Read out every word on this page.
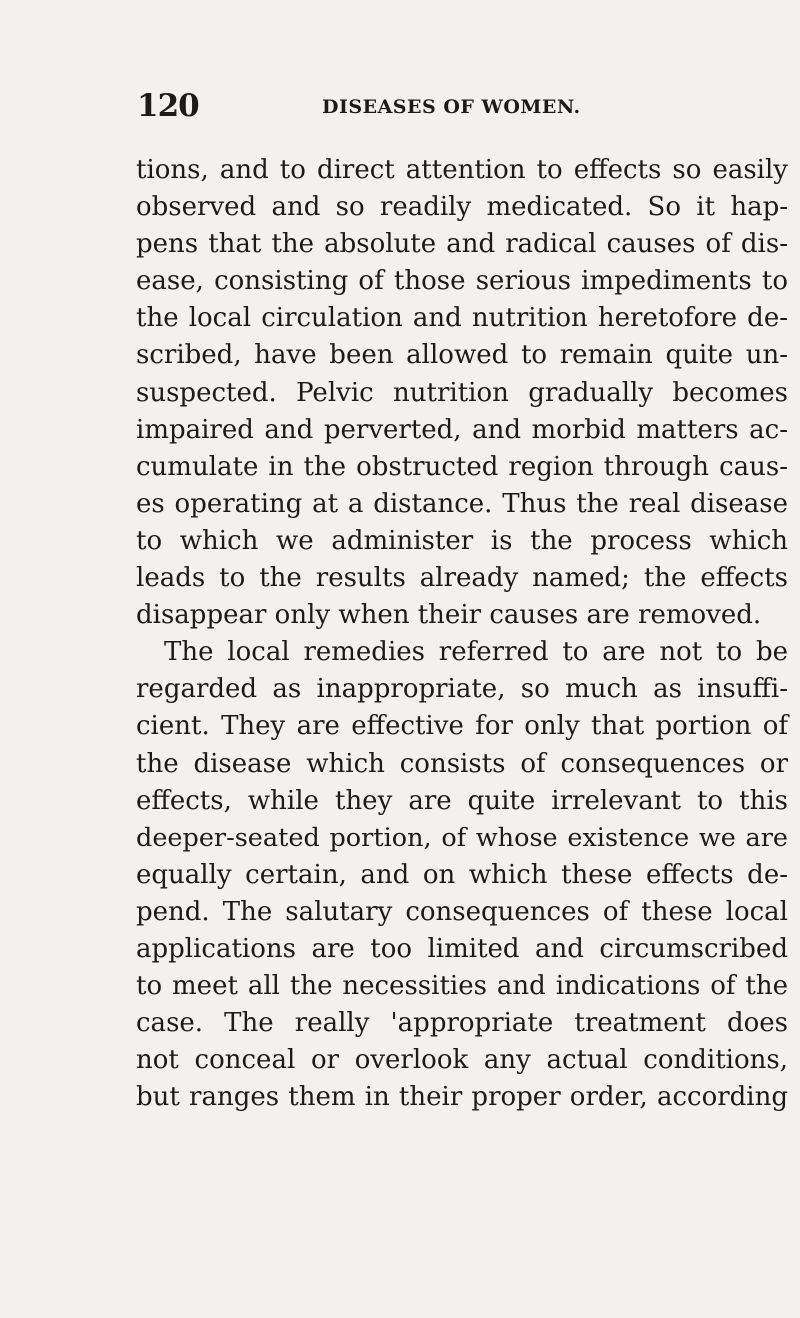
120	DISEASES OF WOMEN.
tions, and to direct attention to effects so easily
observed and so readily medicated. So it hap-
pens that the absolute and radical causes of dis-
ease, consisting of those serious impediments to
the local circulation and nutrition heretofore de-
scribed, have been allowed to remain quite un-
suspected. Pelvic nutrition gradually becomes
impaired and perverted, and morbid matters ac-
cumulate in the obstructed region through caus-
es operating at a distance. Thus the real disease
to which we administer is the process which
leads to the results already named; the effects
disappear only when their causes are removed.
The local remedies referred to are not to be
regarded as inappropriate, so much as insuffi-
cient. They are effective for only that portion of
the disease which consists of consequences or
effects, while they are quite irrelevant to this
deeper-seated portion, of whose existence we are
equally certain, and on which these effects de-
pend. The salutary consequences of these local
applications are too limited and circumscribed
to meet all the necessities and indications of the
case. The really 'appropriate treatment does
not conceal or overlook any actual conditions,
but ranges them in their proper order, according
